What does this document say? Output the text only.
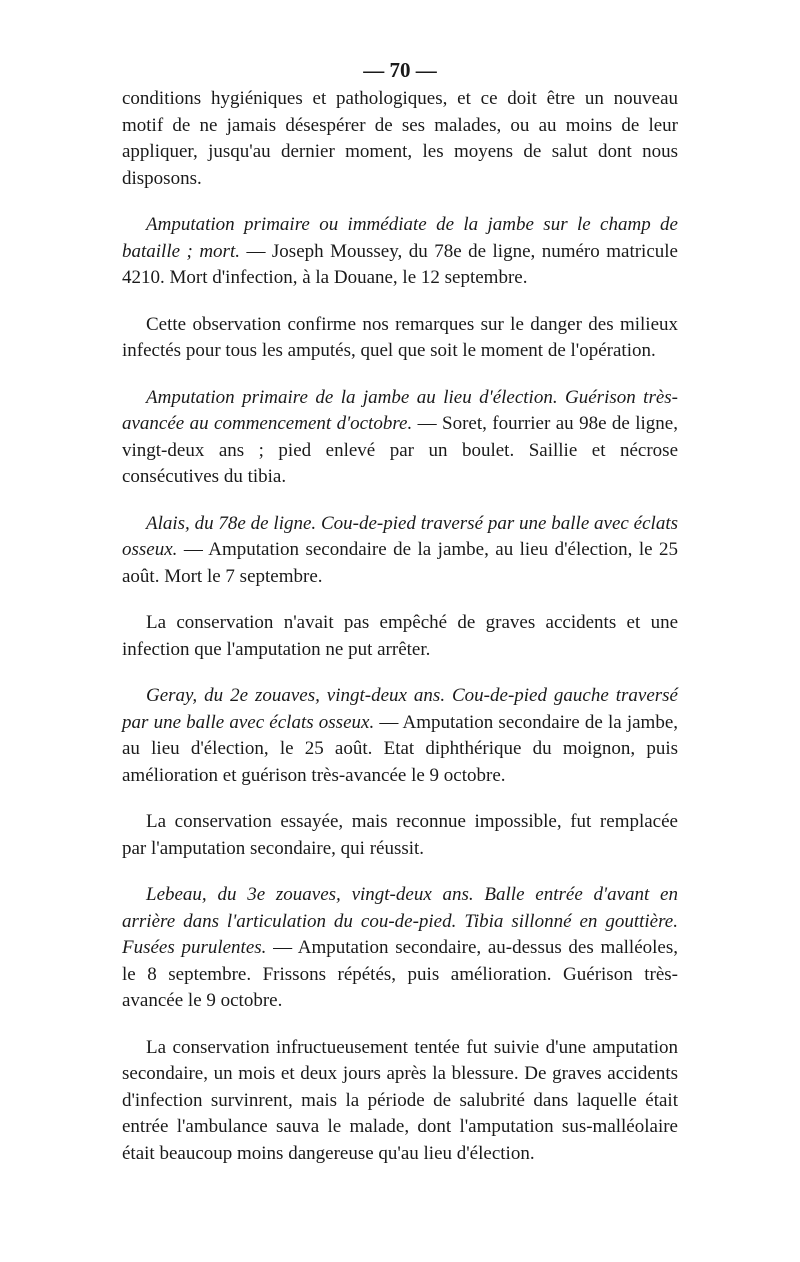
— 70 —

conditions hygiéniques et pathologiques, et ce doit être un nouveau motif de ne jamais désespérer de ses malades, ou au moins de leur appliquer, jusqu'au dernier moment, les moyens de salut dont nous disposons.

Amputation primaire ou immédiate de la jambe sur le champ de bataille ; mort. — Joseph Moussey, du 78e de ligne, numéro matricule 4210. Mort d'infection, à la Douane, le 12 septembre.

Cette observation confirme nos remarques sur le danger des milieux infectés pour tous les amputés, quel que soit le moment de l'opération.

Amputation primaire de la jambe au lieu d'élection. Guérison très-avancée au commencement d'octobre. — Soret, fourrier au 98e de ligne, vingt-deux ans ; pied enlevé par un boulet. Saillie et nécrose consécutives du tibia.

Alais, du 78e de ligne. Cou-de-pied traversé par une balle avec éclats osseux. — Amputation secondaire de la jambe, au lieu d'élection, le 25 août. Mort le 7 septembre.

La conservation n'avait pas empêché de graves accidents et une infection que l'amputation ne put arrêter.

Geray, du 2e zouaves, vingt-deux ans. Cou-de-pied gauche traversé par une balle avec éclats osseux. — Amputation secondaire de la jambe, au lieu d'élection, le 25 août. Etat diphthérique du moignon, puis amélioration et guérison très-avancée le 9 octobre.

La conservation essayée, mais reconnue impossible, fut remplacée par l'amputation secondaire, qui réussit.

Lebeau, du 3e zouaves, vingt-deux ans. Balle entrée d'avant en arrière dans l'articulation du cou-de-pied. Tibia sillonné en gouttière. Fusées purulentes. — Amputation secondaire, au-dessus des malléoles, le 8 septembre. Frissons répétés, puis amélioration. Guérison très-avancée le 9 octobre.

La conservation infructueusement tentée fut suivie d'une amputation secondaire, un mois et deux jours après la blessure. De graves accidents d'infection survinrent, mais la période de salubrité dans laquelle était entrée l'ambulance sauva le malade, dont l'amputation sus-malléolaire était beaucoup moins dangereuse qu'au lieu d'élection.
